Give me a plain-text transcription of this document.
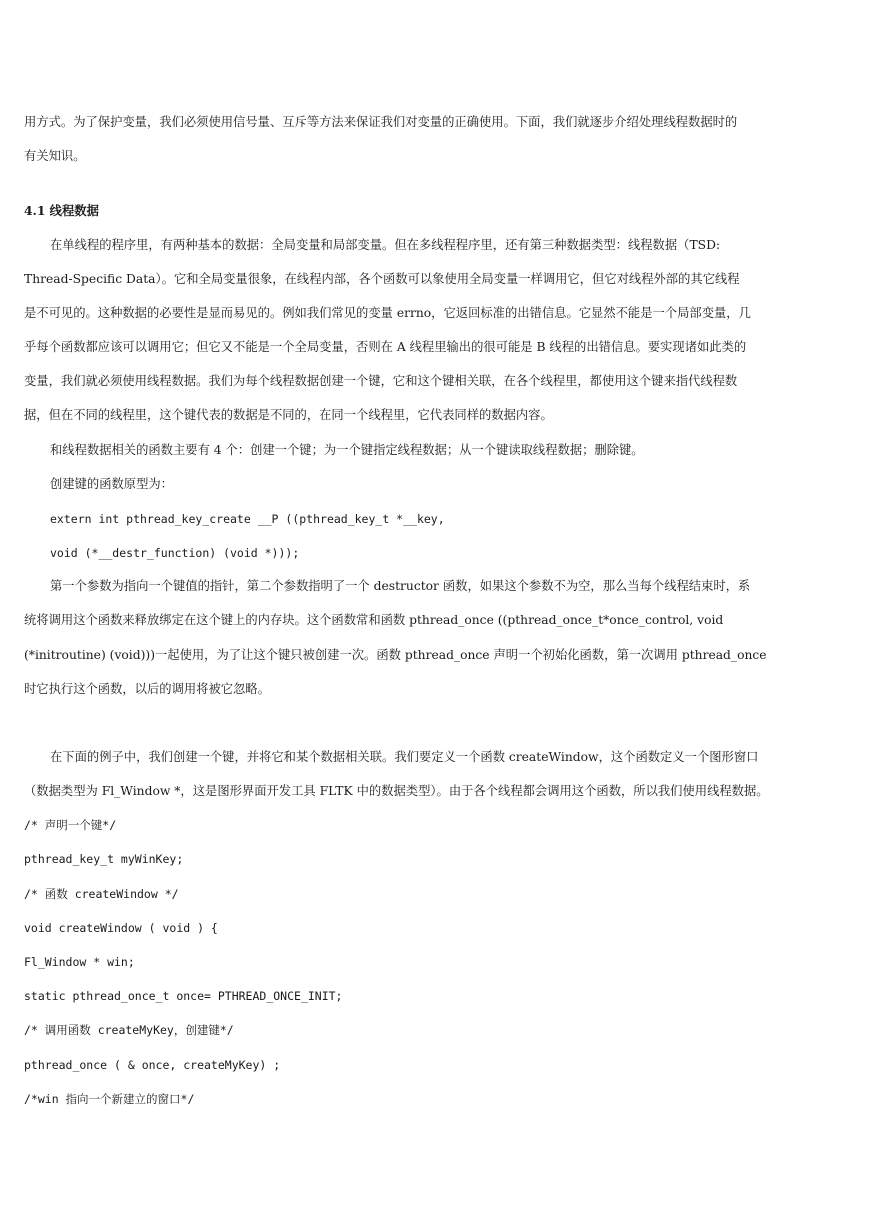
用方式。为了保护变量，我们必须使用信号量、互斥等方法来保证我们对变量的正确使用。下面，我们就逐步介绍处理线程数据时的
有关知识。
4.1 线程数据
在单线程的程序里，有两种基本的数据：全局变量和局部变量。但在多线程程序里，还有第三种数据类型：线程数据（TSD:
Thread-Specific Data）。它和全局变量很象，在线程内部，各个函数可以象使用全局变量一样调用它，但它对线程外部的其它线程
是不可见的。这种数据的必要性是显而易见的。例如我们常见的变量 errno，它返回标准的出错信息。它显然不能是一个局部变量，几
乎每个函数都应该可以调用它；但它又不能是一个全局变量，否则在 A 线程里输出的很可能是 B 线程的出错信息。要实现诸如此类的
变量，我们就必须使用线程数据。我们为每个线程数据创建一个键，它和这个键相关联，在各个线程里，都使用这个键来指代线程数
据，但在不同的线程里，这个键代表的数据是不同的，在同一个线程里，它代表同样的数据内容。
和线程数据相关的函数主要有 4 个：创建一个键；为一个键指定线程数据；从一个键读取线程数据；删除键。
创建键的函数原型为：
extern int pthread_key_create __P ((pthread_key_t *__key,
void (*__destr_function) (void *)));
第一个参数为指向一个键值的指针，第二个参数指明了一个 destructor 函数，如果这个参数不为空，那么当每个线程结束时，系
统将调用这个函数来释放绑定在这个键上的内存块。这个函数常和函数 pthread_once ((pthread_once_t*once_control, void
(*initroutine) (void)))一起使用，为了让这个键只被创建一次。函数 pthread_once 声明一个初始化函数，第一次调用 pthread_once
时它执行这个函数，以后的调用将被它忽略。
在下面的例子中，我们创建一个键，并将它和某个数据相关联。我们要定义一个函数 createWindow，这个函数定义一个图形窗口
（数据类型为 Fl_Window *，这是图形界面开发工具 FLTK 中的数据类型）。由于各个线程都会调用这个函数，所以我们使用线程数据。
/* 声明一个键*/
pthread_key_t myWinKey;
/* 函数 createWindow */
void createWindow ( void ) {
Fl_Window * win;
static pthread_once_t once= PTHREAD_ONCE_INIT;
/* 调用函数 createMyKey，创建键*/
pthread_once ( & once, createMyKey) ;
/*win 指向一个新建立的窗口*/
